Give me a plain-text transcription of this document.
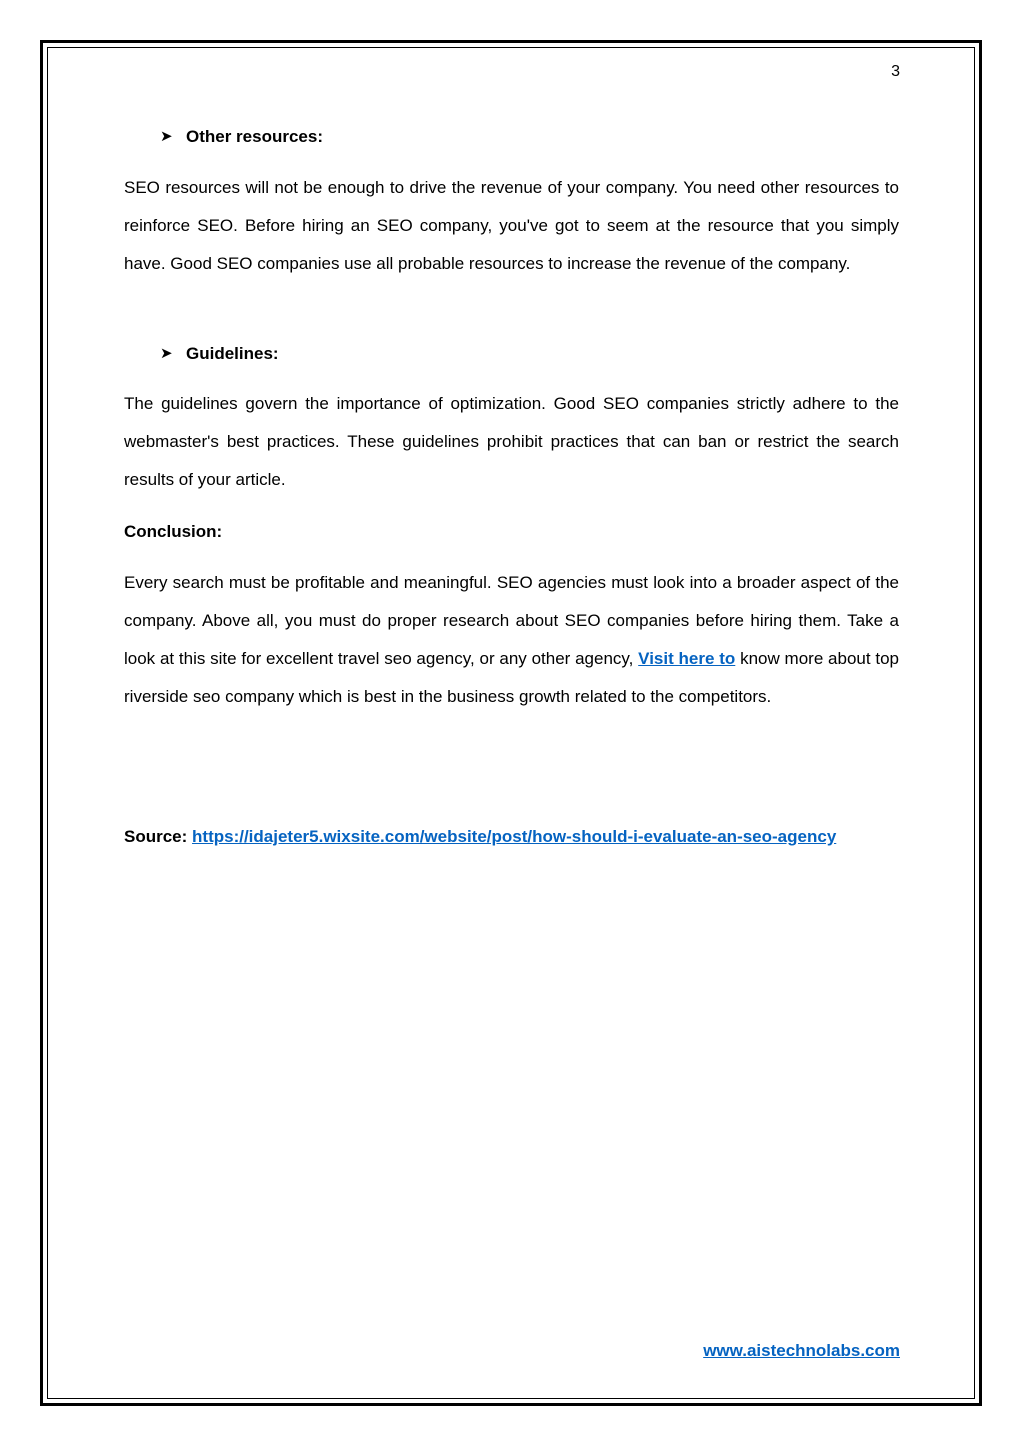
3
➤ Other resources:

SEO resources will not be enough to drive the revenue of your company. You need other resources to reinforce SEO. Before hiring an SEO company, you've got to seem at the resource that you simply have. Good SEO companies use all probable resources to increase the revenue of the company.

➤ Guidelines:

The guidelines govern the importance of optimization. Good SEO companies strictly adhere to the webmaster's best practices. These guidelines prohibit practices that can ban or restrict the search results of your article.

Conclusion:

Every search must be profitable and meaningful. SEO agencies must look into a broader aspect of the company. Above all, you must do proper research about SEO companies before hiring them. Take a look at this site for excellent travel seo agency, or any other agency, Visit here to know more about top riverside seo company which is best in the business growth related to the competitors.

Source: https://idajeter5.wixsite.com/website/post/how-should-i-evaluate-an-seo-agency

www.aistechnolabs.com
